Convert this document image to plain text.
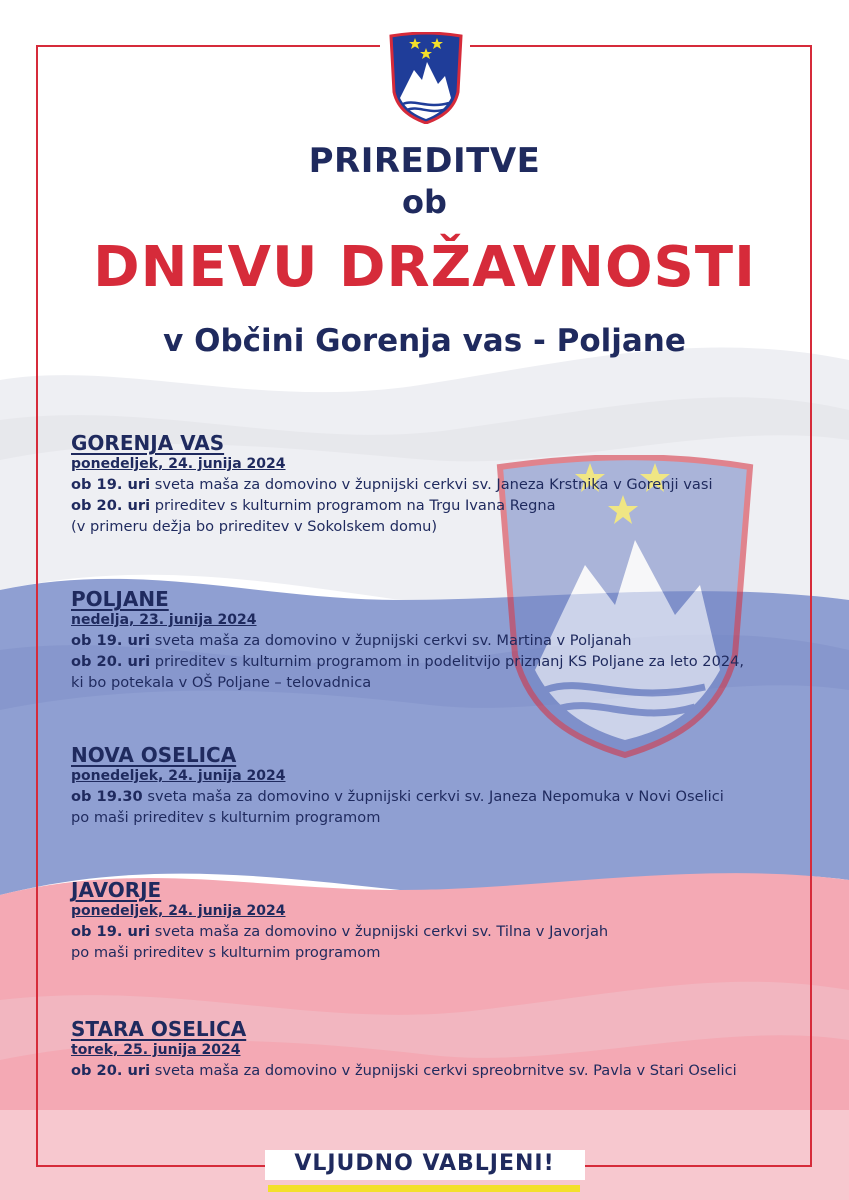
PRIREDITVE
ob
DNEVU DRŽAVNOSTI
v Občini Gorenja vas - Poljane
GORENJA VAS
ponedeljek, 24. junija 2024
ob 19. uri sveta maša za domovino v župnijski cerkvi sv. Janeza Krstnika v Gorenji vasi
ob 20. uri prireditev s kulturnim programom na Trgu Ivana Regna
(v primeru dežja bo prireditev v Sokolskem domu)
POLJANE
nedelja, 23. junija 2024
ob 19. uri sveta maša za domovino v župnijski cerkvi sv. Martina v Poljanah
ob 20. uri prireditev s kulturnim programom in podelitvijo priznanj KS Poljane za leto 2024,
ki bo potekala v OŠ Poljane – telovadnica
NOVA OSELICA
ponedeljek, 24. junija 2024
ob 19.30 sveta maša za domovino v župnijski cerkvi sv. Janeza Nepomuka v Novi Oselici
po maši prireditev s kulturnim programom
JAVORJE
ponedeljek, 24. junija 2024
ob 19. uri sveta maša za domovino v župnijski cerkvi sv. Tilna v Javorjah
po maši prireditev s kulturnim programom
STARA OSELICA
torek, 25. junija 2024
ob 20. uri sveta maša za domovino v župnijski cerkvi spreobrnitve sv. Pavla v Stari Oselici
VLJUDNO VABLJENI!
